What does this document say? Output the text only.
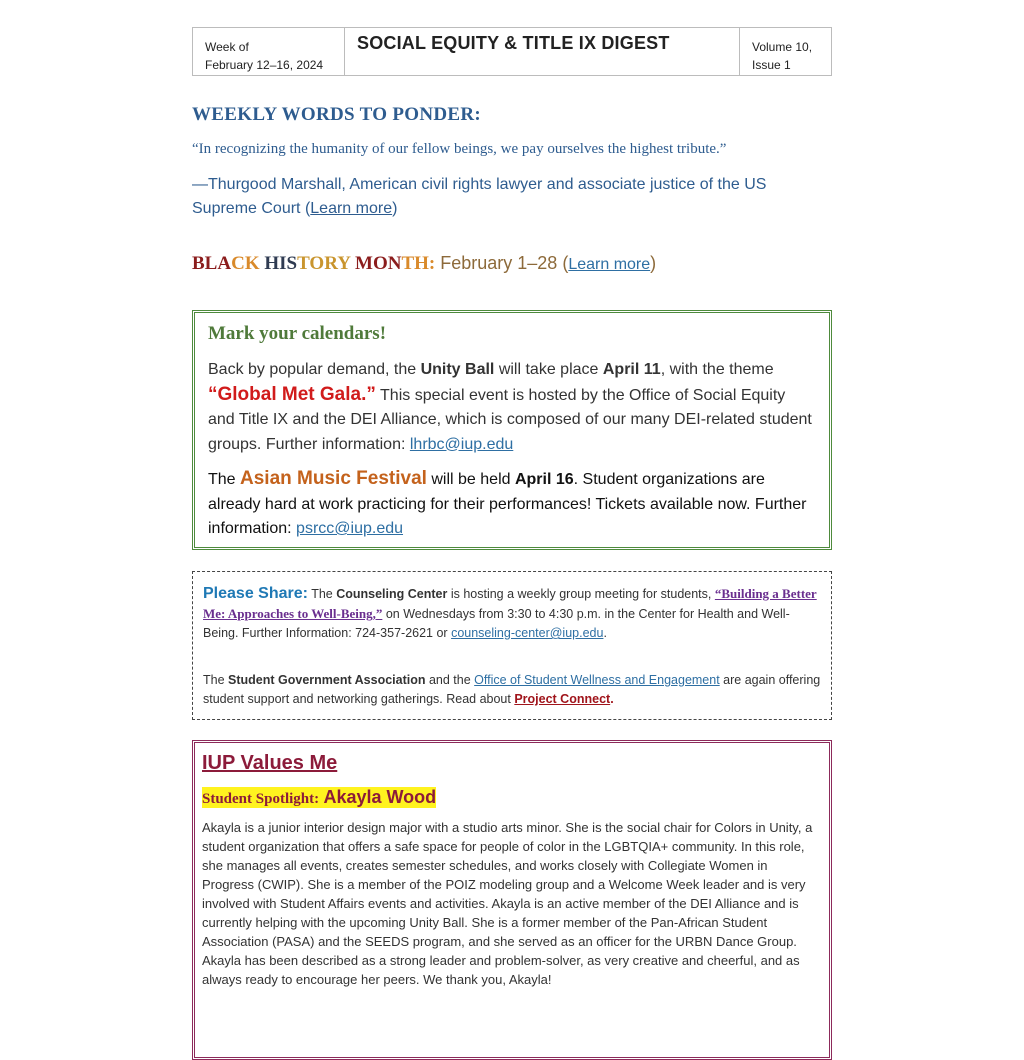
Week of
February 12–16, 2024
SOCIAL EQUITY & TITLE IX DIGEST	Volume 10,
Issue 1
WEEKLY WORDS TO PONDER:
“In recognizing the humanity of our fellow beings, we pay ourselves the highest tribute.”
—Thurgood Marshall, American civil rights lawyer and associate justice of the US Supreme Court (Learn more)
BLACK HISTORY MONTH: February 1–28 (Learn more)
Mark your calendars!

Back by popular demand, the Unity Ball will take place April 11, with the theme “Global Met Gala.” This special event is hosted by the Office of Social Equity and Title IX and the DEI Alliance, which is composed of our many DEI-related student groups. Further information: lhrbc@iup.edu

The Asian Music Festival will be held April 16. Student organizations are already hard at work practicing for their performances! Tickets available now. Further information: psrcc@iup.edu

Please Share: The Counseling Center is hosting a weekly group meeting for students, “Building a Better Me: Approaches to Well-Being,” on Wednesdays from 3:30 to 4:30 p.m. in the Center for Health and Well-Being. Further Information: 724-357-2621 or counseling-center@iup.edu.

The Student Government Association and the Office of Student Wellness and Engagement are again offering student support and networking gatherings. Read about Project Connect.

IUP Values Me
Student Spotlight: Akayla Wood

Akayla is a junior interior design major with a studio arts minor. She is the social chair for Colors in Unity, a student organization that offers a safe space for people of color in the LGBTQIA+ community. In this role, she manages all events, creates semester schedules, and works closely with Collegiate Women in Progress (CWIP). She is a member of the POIZ modeling group and a Welcome Week leader and is very involved with Student Affairs events and activities. Akayla is an active member of the DEI Alliance and is currently helping with the upcoming Unity Ball. She is a former member of the Pan-African Student Association (PASA) and the SEEDS program, and she served as an officer for the URBN Dance Group. Akayla has been described as a strong leader and problem-solver, as very creative and cheerful, and as always ready to encourage her peers. We thank you, Akayla!
